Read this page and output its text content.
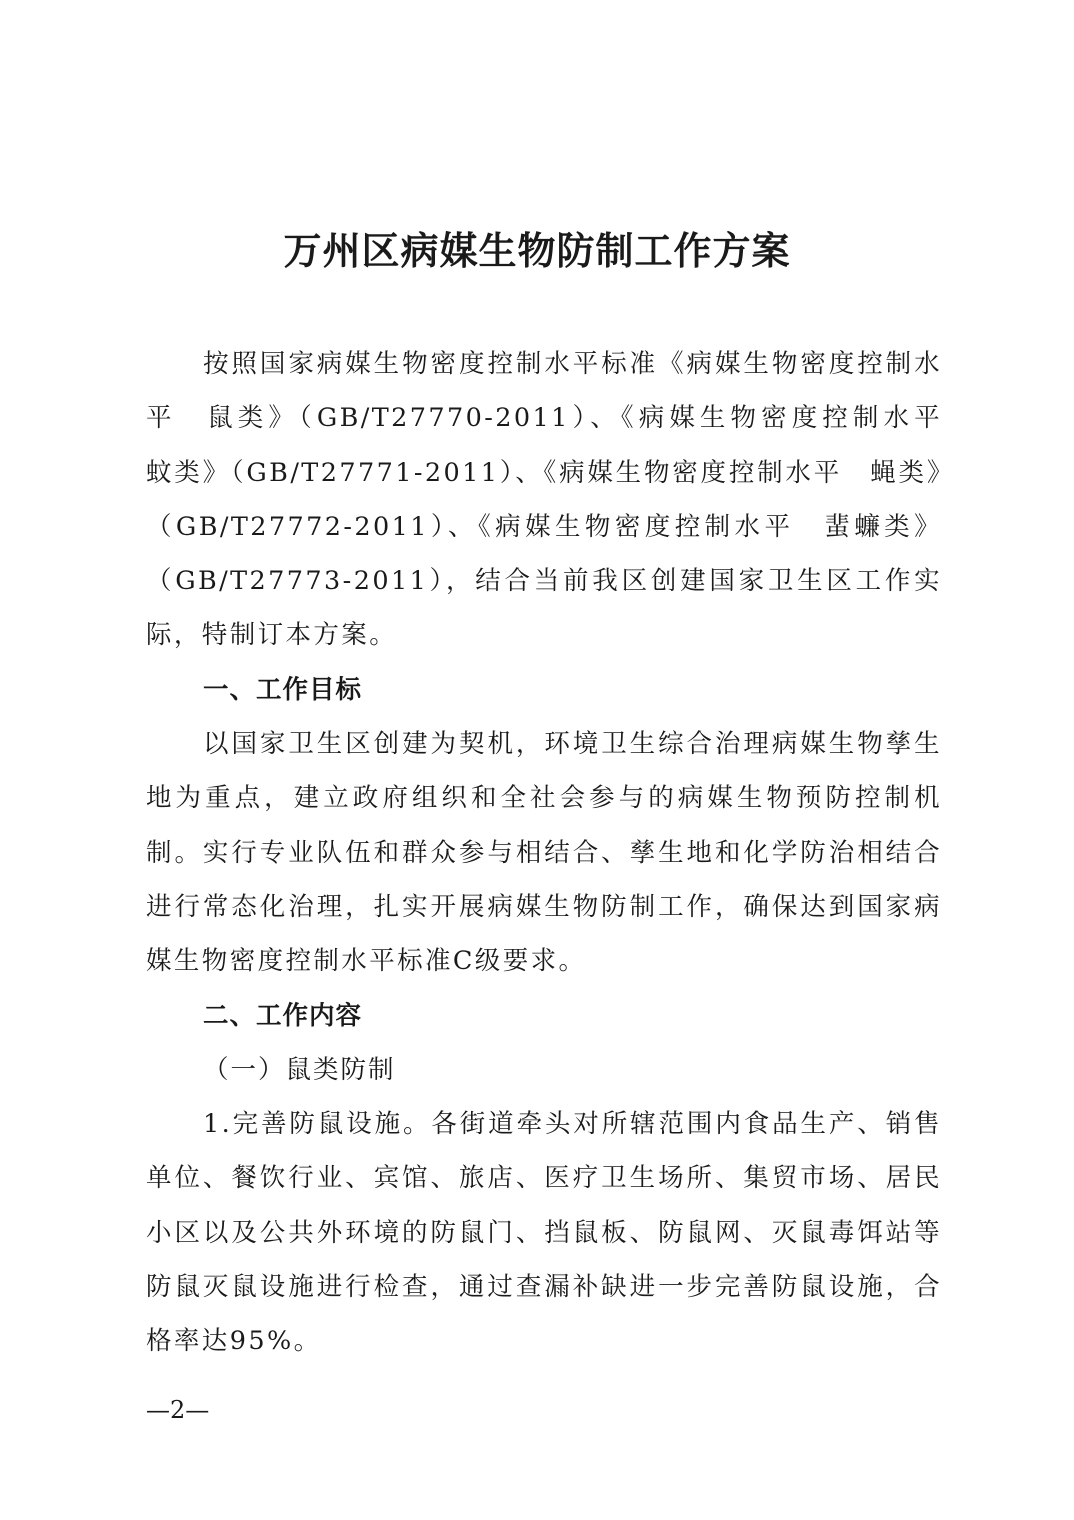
万州区病媒生物防制工作方案

按照国家病媒生物密度控制水平标准《病媒生物密度控制水平　鼠类》（GB/T27770-2011）、《病媒生物密度控制水平　蚊类》（GB/T27771-2011）、《病媒生物密度控制水平　蝇类》（GB/T27772-2011）、《病媒生物密度控制水平　蜚蠊类》（GB/T27773-2011），结合当前我区创建国家卫生区工作实际，特制订本方案。

一、工作目标

以国家卫生区创建为契机，环境卫生综合治理病媒生物孳生地为重点，建立政府组织和全社会参与的病媒生物预防控制机制。实行专业队伍和群众参与相结合、孳生地和化学防治相结合进行常态化治理，扎实开展病媒生物防制工作，确保达到国家病媒生物密度控制水平标准C级要求。

二、工作内容

（一）鼠类防制

1.完善防鼠设施。各街道牵头对所辖范围内食品生产、销售单位、餐饮行业、宾馆、旅店、医疗卫生场所、集贸市场、居民小区以及公共外环境的防鼠门、挡鼠板、防鼠网、灭鼠毒饵站等防鼠灭鼠设施进行检查，通过查漏补缺进一步完善防鼠设施，合格率达95%。

—2—
